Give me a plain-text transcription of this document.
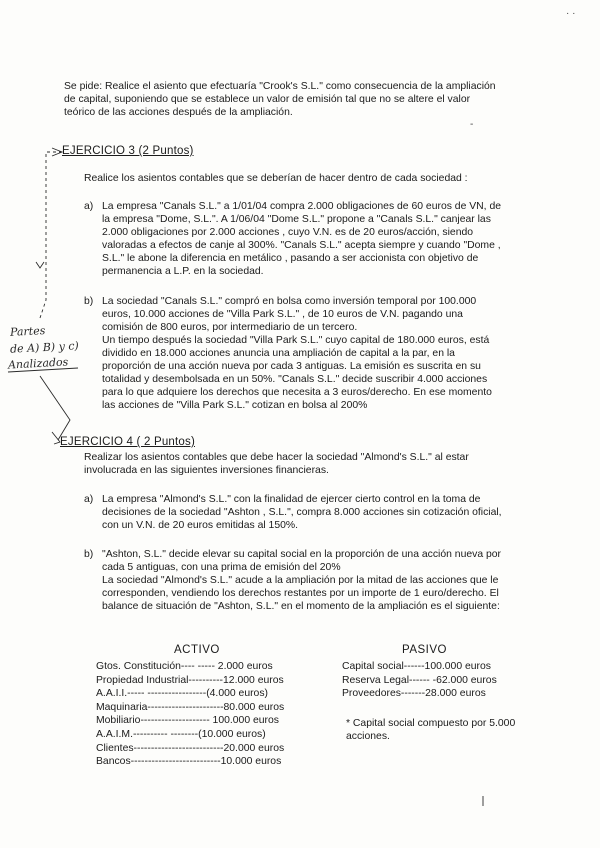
· ·
-

Se pide: Realice el asiento que efectuaría "Crook's S.L." como consecuencia de la ampliación de capital, suponiendo que se establece un valor de emisión tal que no se altere el valor teórico de las acciones después de la ampliación.

EJERCICIO 3 (2 Puntos)

Realice los asientos contables que se deberían de hacer dentro de cada sociedad :

a) La empresa "Canals S.L." a 1/01/04 compra 2.000 obligaciones de 60 euros de VN, de la empresa "Dome, S.L.". A 1/06/04 "Dome S.L." propone a "Canals S.L." canjear las 2.000 obligaciones por 2.000 acciones , cuyo V.N. es de 20 euros/acción, siendo valoradas a efectos de canje al 300%. "Canals S.L." acepta siempre y cuando "Dome , S.L." le abone la diferencia en metálico , pasando a ser accionista con objetivo de permanencia a L.P. en la sociedad.
b) La sociedad "Canals S.L." compró en bolsa como inversión temporal por 100.000 euros, 10.000 acciones de "Villa Park S.L." , de 10 euros de V.N. pagando una comisión de 800 euros, por intermediario de un tercero.
Un tiempo después la sociedad "Villa Park S.L." cuyo capital de 180.000 euros, está dividido en 18.000 acciones anuncia una ampliación de capital a la par, en la proporción de una acción nueva por cada 3 antiguas. La emisión es suscrita en su totalidad y desembolsada en un 50%. "Canals S.L." decide suscribir 4.000 acciones para lo que adquiere los derechos que necesita a 3 euros/derecho. En ese momento las acciones de "Villa Park S.L." cotizan en bolsa al 200%
EJERCICIO 4 ( 2 Puntos)

Realizar los asientos contables que debe hacer la sociedad "Almond's S.L." al estar involucrada en las siguientes inversiones financieras.

a) La empresa "Almond's S.L." con la finalidad de ejercer cierto control en la toma de decisiones de la sociedad "Ashton , S.L.", compra 8.000 acciones sin cotización oficial, con un V.N. de 20 euros emitidas al 150%.
b) "Ashton, S.L." decide elevar su capital social en la proporción de una acción nueva por cada 5 antiguas, con una prima de emisión del 20%
La sociedad "Almond's S.L." acude a la ampliación por la mitad de las acciones que le corresponden, vendiendo los derechos restantes por un importe de 1 euro/derecho. El balance de situación de "Ashton, S.L." en el momento de la ampliación es el siguiente:
ACTIVO	PASIVO
Gtos. Constitución---- ----- 2.000 euros
Propiedad Industrial----------12.000 euros
A.A.I.I.----- -----------------(4.000 euros)
Maquinaria----------------------80.000 euros
Mobiliario-------------------- 100.000 euros
A.A.I.M.---------- --------(10.000 euros)
Clientes--------------------------20.000 euros
Bancos--------------------------10.000 euros
Capital social------100.000 euros
Reserva Legal------ -62.000 euros
Proveedores-------28.000 euros
* Capital social compuesto por 5.000 acciones.
Partes
de A) B) y c)
Analizados
